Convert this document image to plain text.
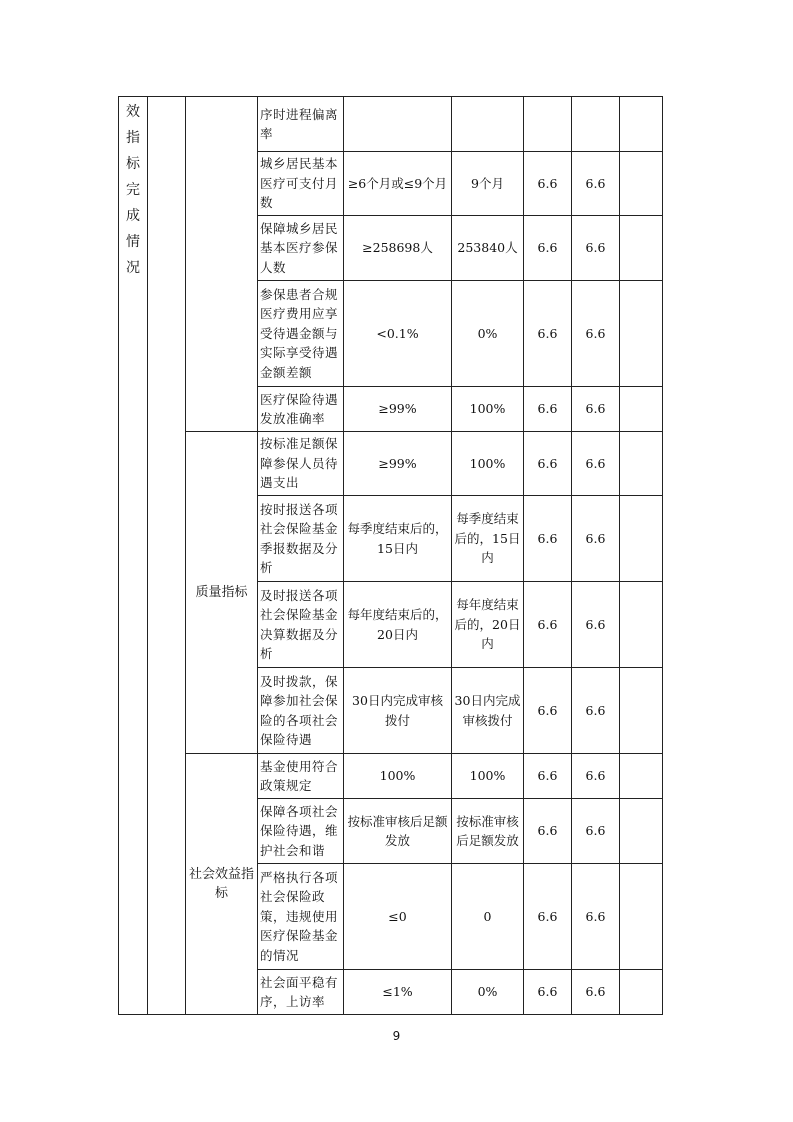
效指标完成情况			序时进程偏离率					
			城乡居民基本医疗可支付月数	≥6个月或≤9个月	9个月	6.6	6.6	
			保障城乡居民基本医疗参保人数	≥258698人	253840人	6.6	6.6	
			参保患者合规医疗费用应享受待遇金额与实际享受待遇金额差额	<0.1%	0%	6.6	6.6	
			医疗保险待遇发放准确率	≥99%	100%	6.6	6.6	
		质量指标	按标准足额保障参保人员待遇支出	≥99%	100%	6.6	6.6	
			按时报送各项社会保险基金季报数据及分析	每季度结束后的，15日内	每季度结束后的，15日内	6.6	6.6	
			及时报送各项社会保险基金决算数据及分析	每年度结束后的，20日内	每年度结束后的，20日内	6.6	6.6	
			及时拨款，保障参加社会保险的各项社会保险待遇	30日内完成审核拨付	30日内完成审核拨付	6.6	6.6	
		社会效益指标	基金使用符合政策规定	100%	100%	6.6	6.6	
			保障各项社会保险待遇，维护社会和谐	按标准审核后足额发放	按标准审核后足额发放	6.6	6.6	
			严格执行各项社会保险政策，违规使用医疗保险基金的情况	≤0	0	6.6	6.6	
			社会面平稳有序，上访率	≤1%	0%	6.6	6.6	
9
